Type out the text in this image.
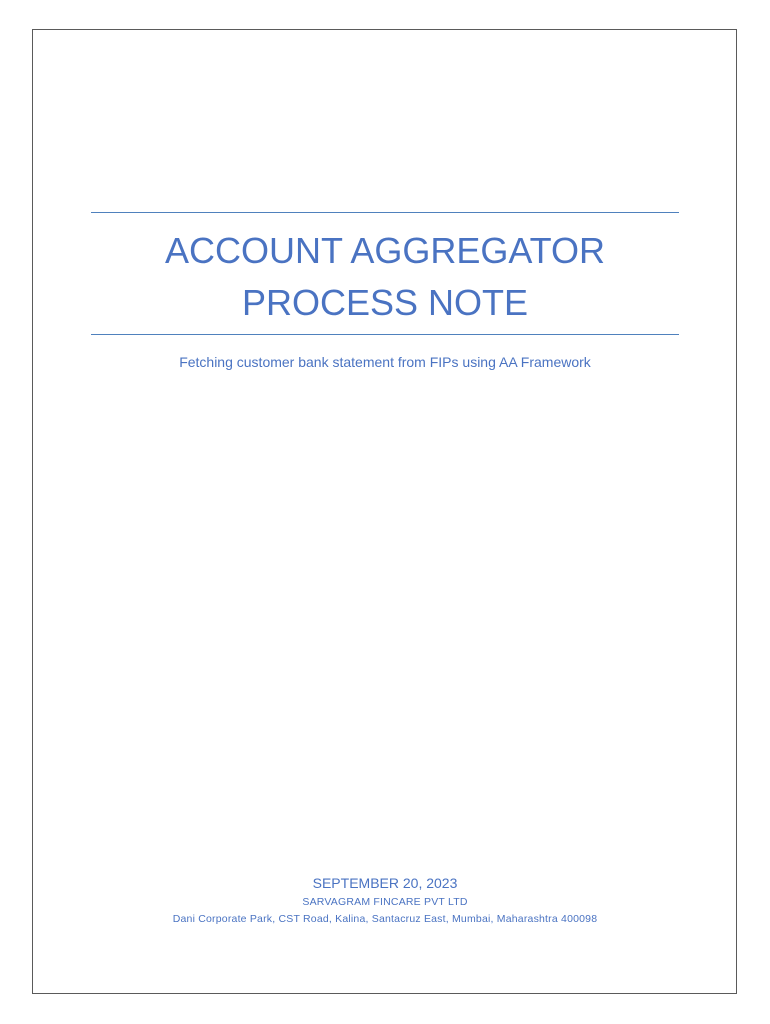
ACCOUNT AGGREGATOR
PROCESS NOTE
Fetching customer bank statement from FIPs using AA Framework
SEPTEMBER 20, 2023
SARVAGRAM FINCARE PVT LTD
Dani Corporate Park, CST Road, Kalina, Santacruz East, Mumbai, Maharashtra 400098
